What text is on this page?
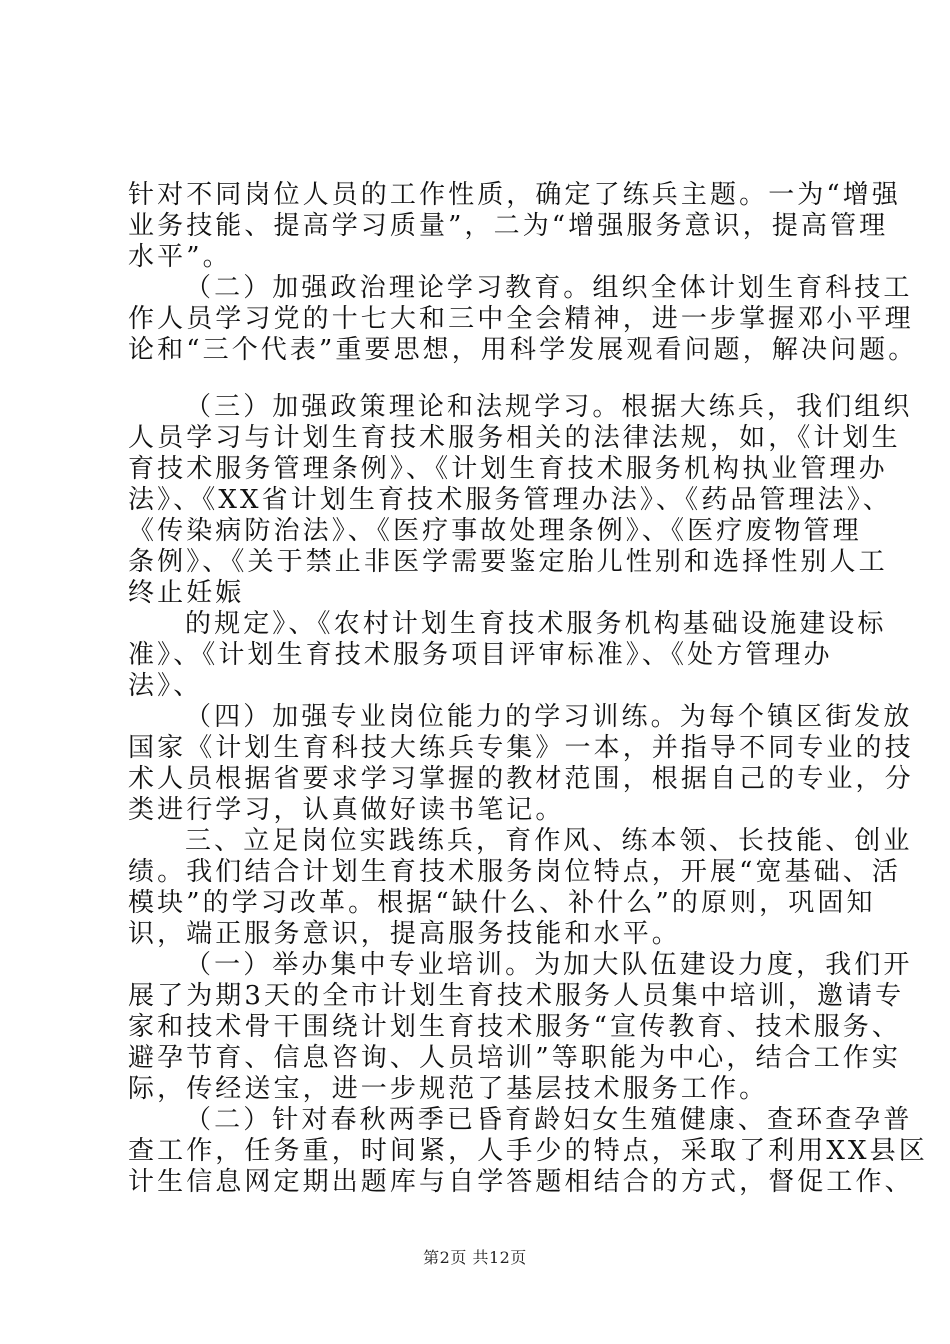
针对不同岗位人员的工作性质，确定了练兵主题。一为“增强
业务技能、提高学习质量”，二为“增强服务意识，提高管理
水平”。
（二）加强政治理论学习教育。组织全体计划生育科技工
作人员学习党的十七大和三中全会精神，进一步掌握邓小平理
论和“三个代表”重要思想，用科学发展观看问题，解决问题。
（三）加强政策理论和法规学习。根据大练兵，我们组织
人员学习与计划生育技术服务相关的法律法规，如，《计划生
育技术服务管理条例》、《计划生育技术服务机构执业管理办
法》、《XX省计划生育技术服务管理办法》、《药品管理法》、
《传染病防治法》、《医疗事故处理条例》、《医疗废物管理
条例》、《关于禁止非医学需要鉴定胎儿性别和选择性别人工
终止妊娠
的规定》、《农村计划生育技术服务机构基础设施建设标
准》、《计划生育技术服务项目评审标准》、《处方管理办
法》、
（四）加强专业岗位能力的学习训练。为每个镇区街发放
国家《计划生育科技大练兵专集》一本，并指导不同专业的技
术人员根据省要求学习掌握的教材范围，根据自己的专业，分
类进行学习，认真做好读书笔记。
三、立足岗位实践练兵，育作风、练本领、长技能、创业
绩。我们结合计划生育技术服务岗位特点，开展“宽基础、活
模块”的学习改革。根据“缺什么、补什么”的原则，巩固知
识，端正服务意识，提高服务技能和水平。
（一）举办集中专业培训。为加大队伍建设力度，我们开
展了为期3天的全市计划生育技术服务人员集中培训，邀请专
家和技术骨干围绕计划生育技术服务“宣传教育、技术服务、
避孕节育、信息咨询、人员培训”等职能为中心，结合工作实
际，传经送宝，进一步规范了基层技术服务工作。
（二）针对春秋两季已昏育龄妇女生殖健康、查环查孕普
查工作，任务重，时间紧，人手少的特点，采取了利用XX县区
计生信息网定期出题库与自学答题相结合的方式，督促工作、
第2页 共12页
